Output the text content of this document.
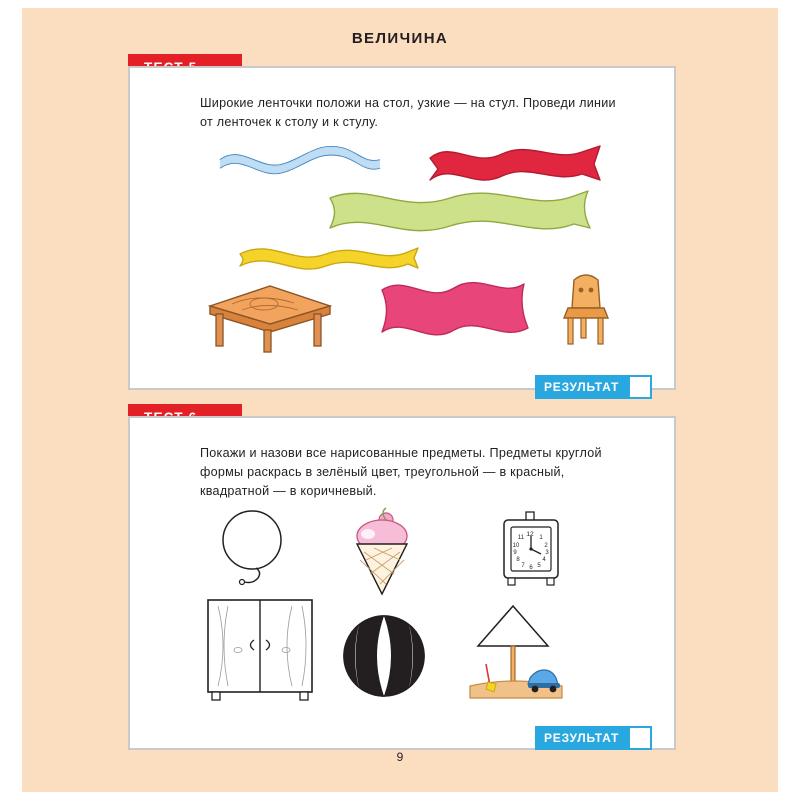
ВЕЛИЧИНА
Широкие ленточки положи на стол, узкие — на стул. Проведи линии от ленточек к столу и к стулу.
РЕЗУЛЬТАТ
Покажи и назови все нарисованные предметы. Предметы круглой формы раскрась в зелёный цвет, треугольной — в красный, квадратной — в коричневый.
12 1
2
3
4
5
6
7
8
9
10
11
РЕЗУЛЬТАТ
9
